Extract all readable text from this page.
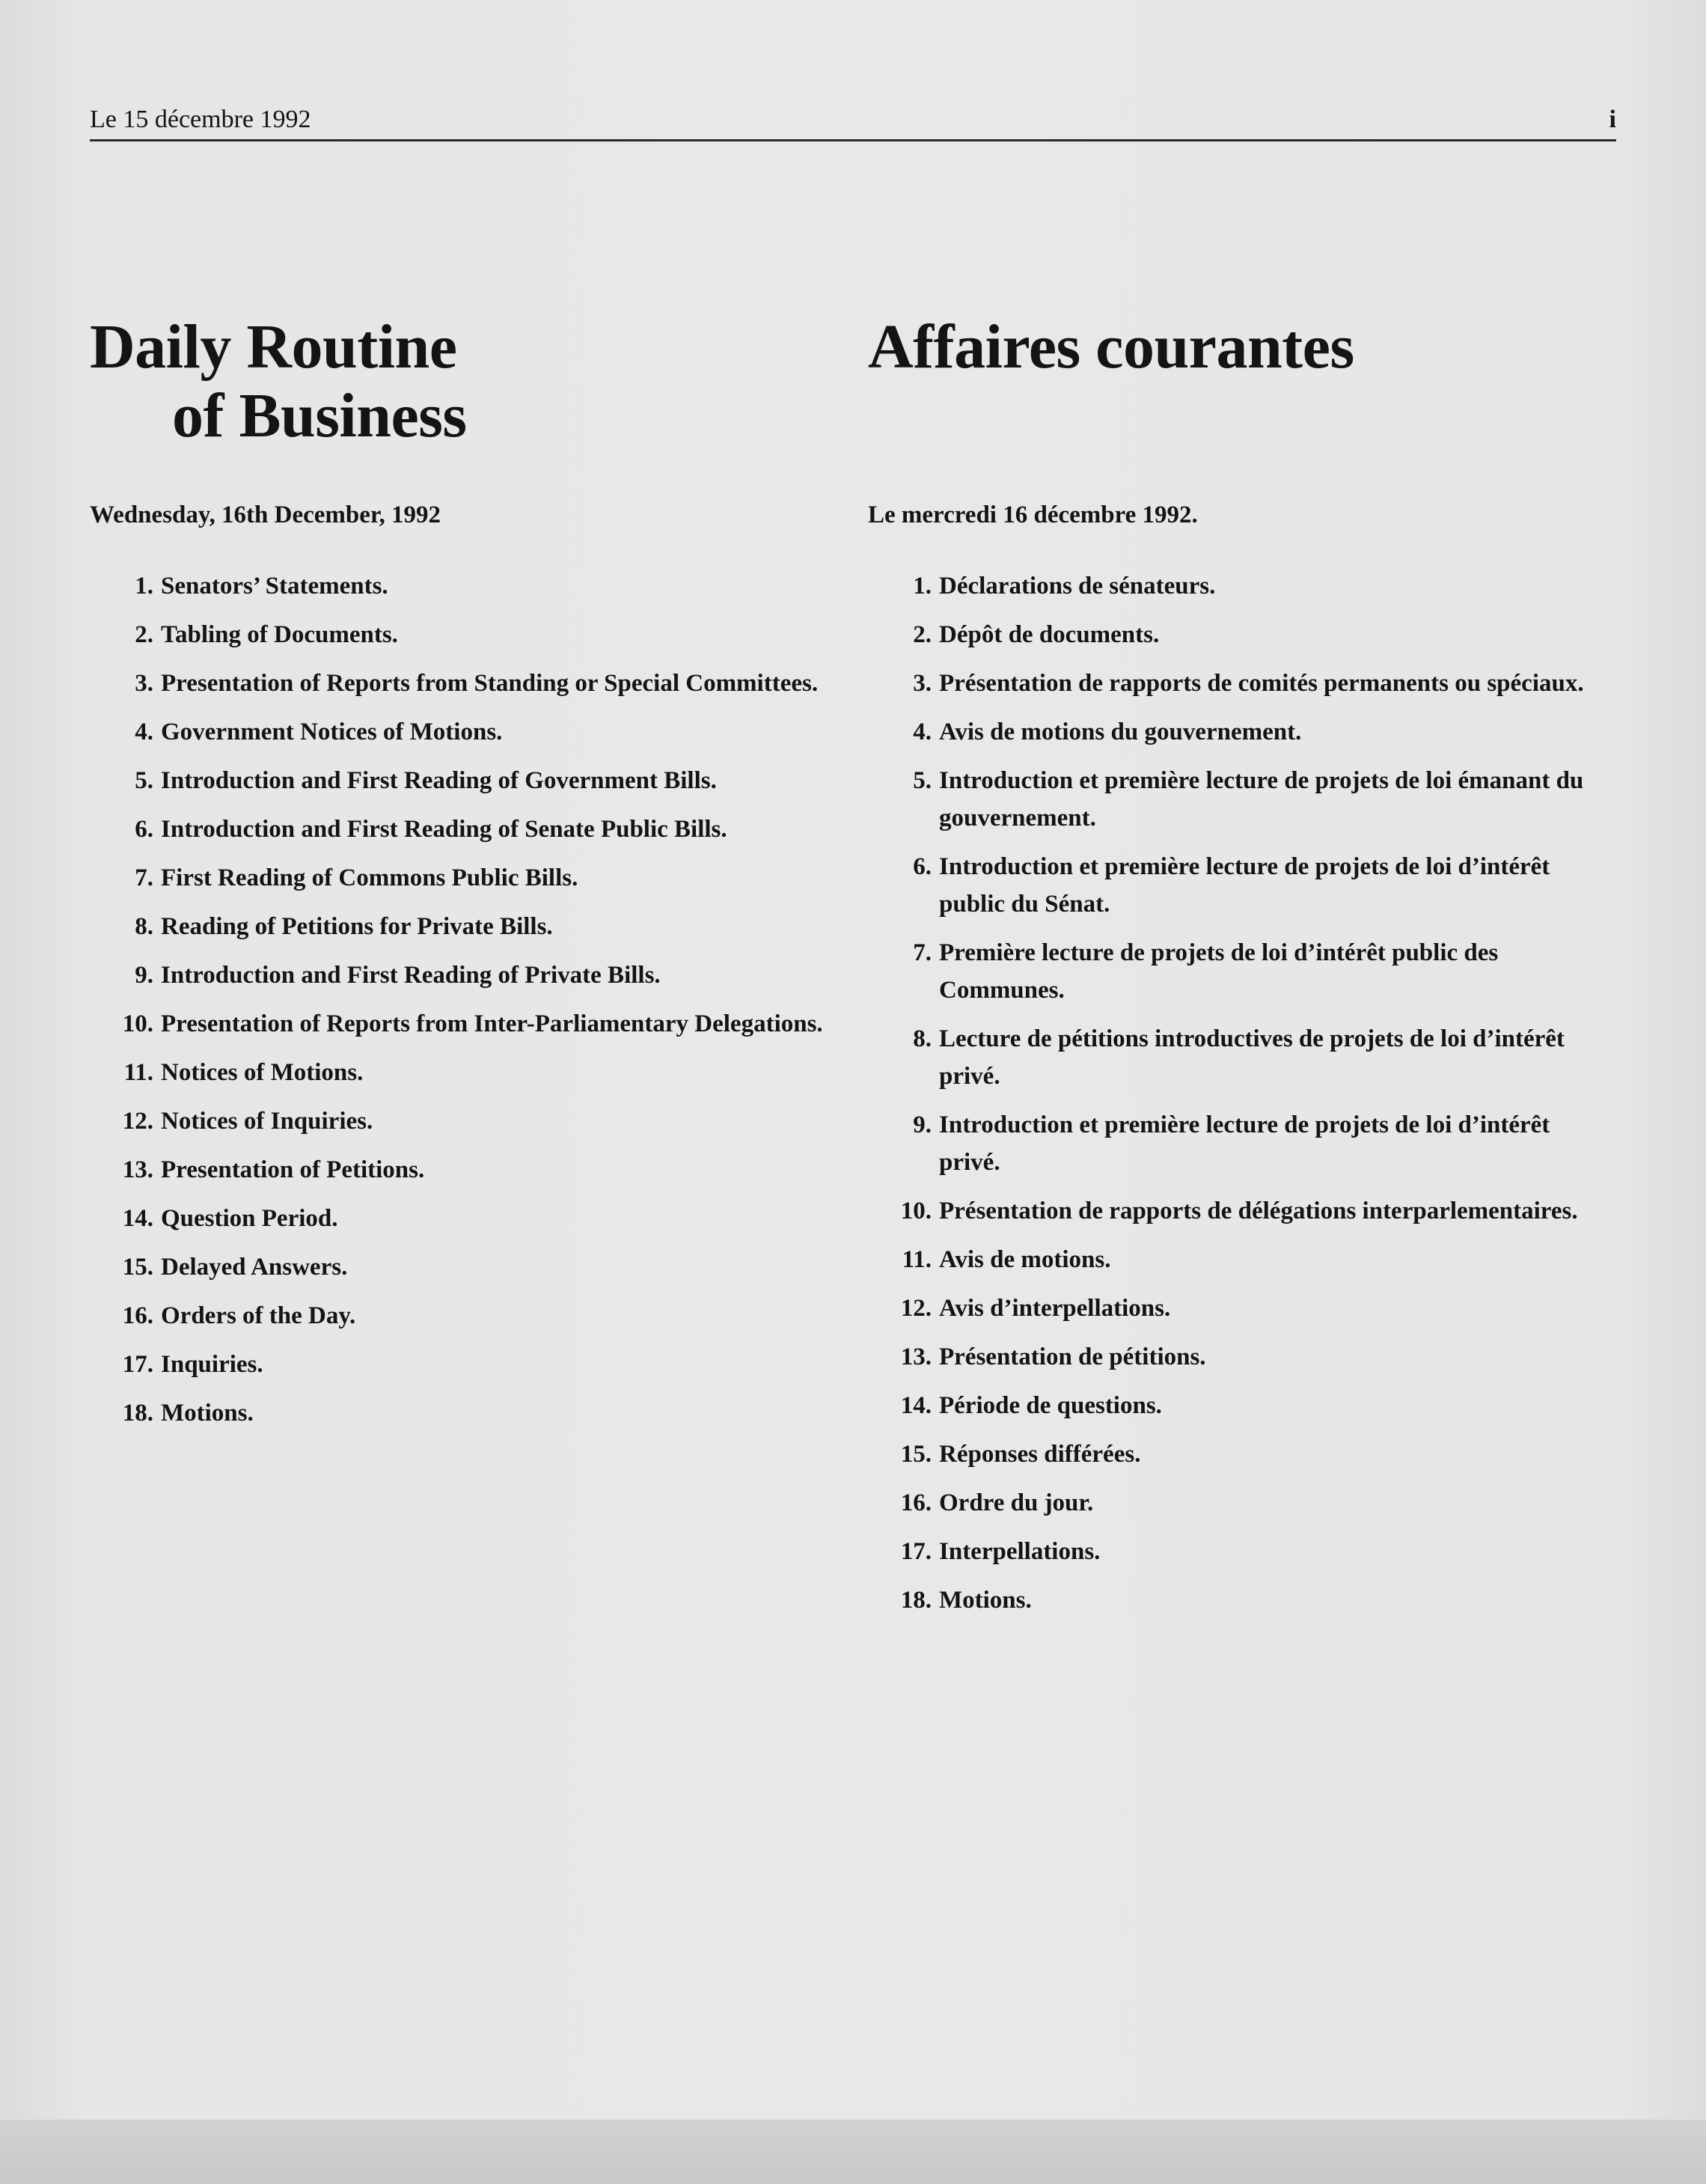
Le 15 décembre 1992	i
Daily Routine
of Business
Wednesday, 16th December, 1992
1. Senators’ Statements.
2. Tabling of Documents.
3. Presentation of Reports from Standing or Special Committees.
4. Government Notices of Motions.
5. Introduction and First Reading of Government Bills.
6. Introduction and First Reading of Senate Public Bills.
7. First Reading of Commons Public Bills.
8. Reading of Petitions for Private Bills.
9. Introduction and First Reading of Private Bills.
10. Presentation of Reports from Inter-Parliamentary Delegations.
11. Notices of Motions.
12. Notices of Inquiries.
13. Presentation of Petitions.
14. Question Period.
15. Delayed Answers.
16. Orders of the Day.
17. Inquiries.
18. Motions.
Affaires courantes
Le mercredi 16 décembre 1992.
1. Déclarations de sénateurs.
2. Dépôt de documents.
3. Présentation de rapports de comités permanents ou spéciaux.
4. Avis de motions du gouvernement.
5. Introduction et première lecture de projets de loi émanant du gouvernement.
6. Introduction et première lecture de projets de loi d’intérêt public du Sénat.
7. Première lecture de projets de loi d’intérêt public des Communes.
8. Lecture de pétitions introductives de projets de loi d’intérêt privé.
9. Introduction et première lecture de projets de loi d’intérêt privé.
10. Présentation de rapports de délégations interparlementaires.
11. Avis de motions.
12. Avis d’interpellations.
13. Présentation de pétitions.
14. Période de questions.
15. Réponses différées.
16. Ordre du jour.
17. Interpellations.
18. Motions.
